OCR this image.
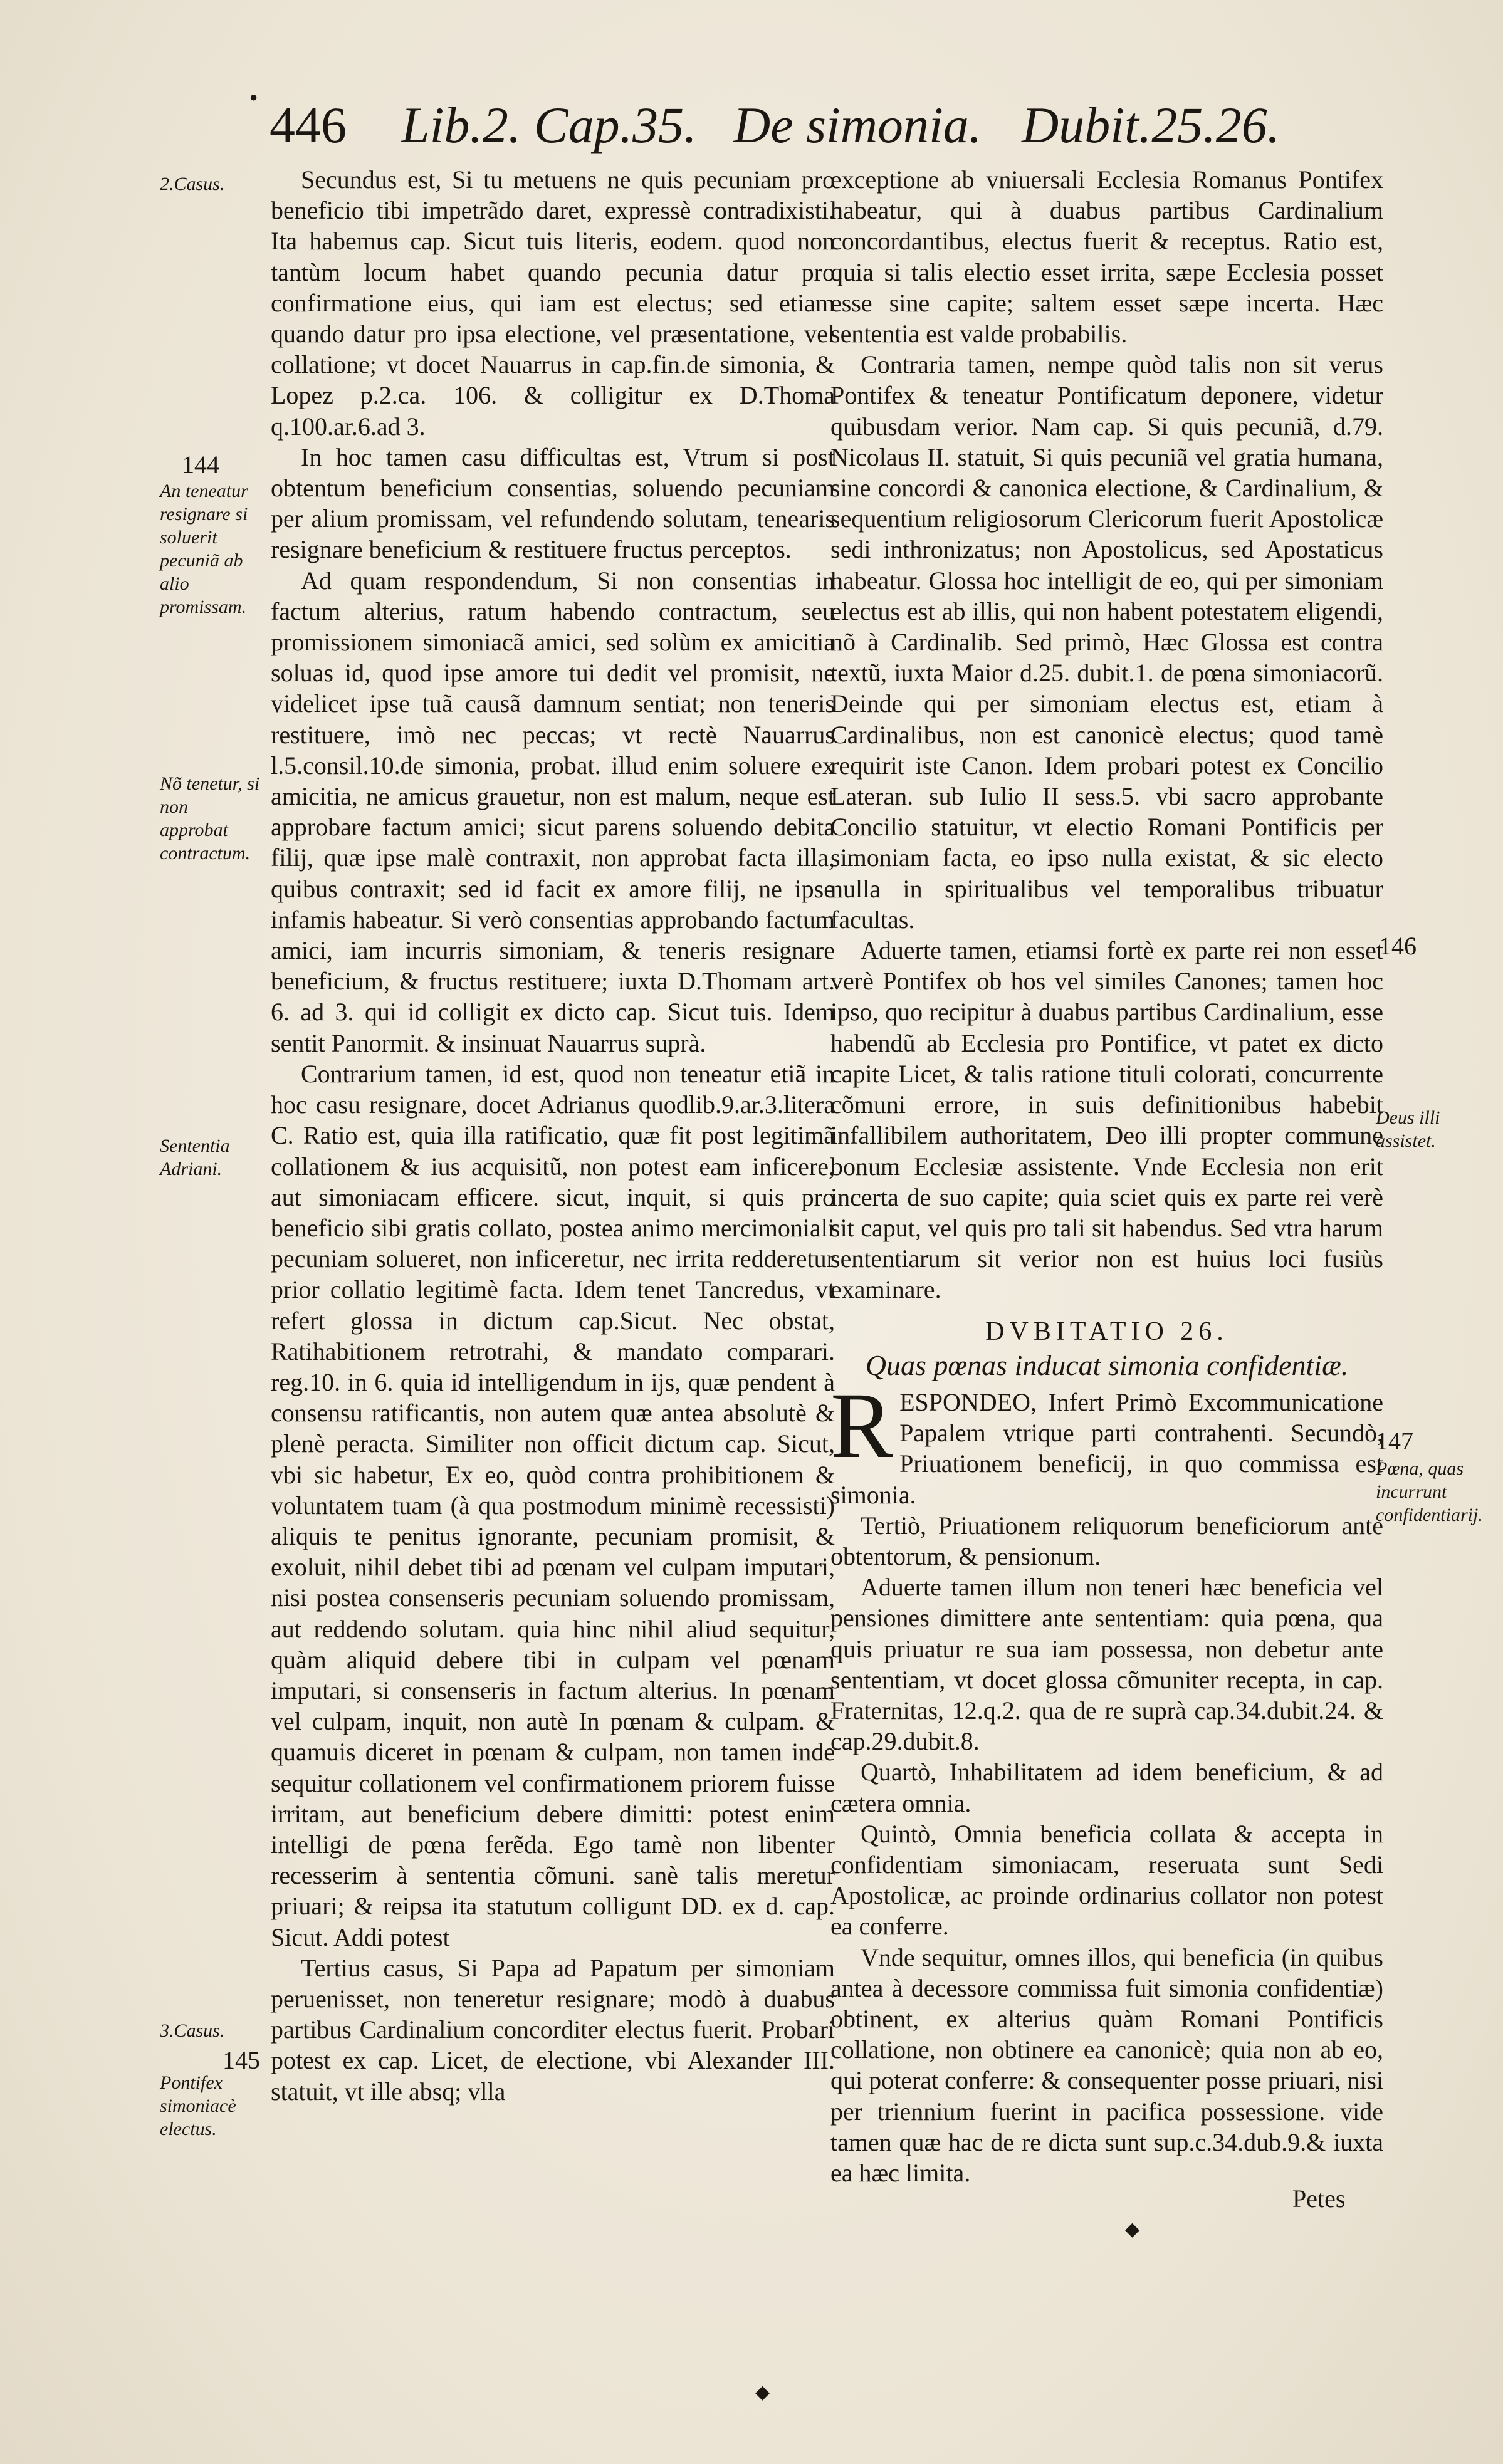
446 Lib.2. Cap.35. De simonia. Dubit.25.26.
2.Casus.
144
An teneatur resignare si soluerit pecuniã ab alio promissam.
Nõ tenetur, si non approbat contractum.
Sententia Adriani.
3.Casus.
145
Pontifex simoniacè electus.
146
Deus illi assistet.
147
Pœna, quas incurrunt confidentiarij.

Secundus est, Si tu metuens ne quis pecuniam pro beneficio tibi impetrãdo daret, expressè contradixisti. Ita habemus cap. Sicut tuis literis, eodem. quod non tantùm locum habet quando pecunia datur pro confirmatione eius, qui iam est electus; sed etiam quando datur pro ipsa electione, vel præsentatione, vel collatione; vt docet Nauarrus in cap.fin.de simonia, & Lopez p.2.ca. 106. & colligitur ex D.Thoma q.100.ar.6.ad 3.

In hoc tamen casu difficultas est, Vtrum si post obtentum beneficium consentias, soluendo pecuniam per alium promissam, vel refundendo solutam, tenearis resignare beneficium & restituere fructus perceptos.

Ad quam respondendum, Si non consentias in factum alterius, ratum habendo contractum, seu promissionem simoniacã amici, sed solùm ex amicitia soluas id, quod ipse amore tui dedit vel promisit, ne videlicet ipse tuã causã damnum sentiat; non teneris restituere, imò nec peccas; vt rectè Nauarrus l.5.consil.10.de simonia, probat. illud enim soluere ex amicitia, ne amicus grauetur, non est malum, neque est approbare factum amici; sicut parens soluendo debita filij, quæ ipse malè contraxit, non approbat facta illa, quibus contraxit; sed id facit ex amore filij, ne ipse infamis habeatur. Si verò consentias approbando factum amici, iam incurris simoniam, & teneris resignare beneficium, & fructus restituere; iuxta D.Thomam art. 6. ad 3. qui id colligit ex dicto cap. Sicut tuis. Idem sentit Panormit. & insinuat Nauarrus suprà.

Contrarium tamen, id est, quod non teneatur etiã in hoc casu resignare, docet Adrianus quodlib.9.ar.3.litera C. Ratio est, quia illa ratificatio, quæ fit post legitimã collationem & ius acquisitũ, non potest eam inficere, aut simoniacam efficere. sicut, inquit, si quis pro beneficio sibi gratis collato, postea animo mercimoniali pecuniam solueret, non inficeretur, nec irrita redderetur prior collatio legitimè facta. Idem tenet Tancredus, vt refert glossa in dictum cap.Sicut. Nec obstat, Ratihabitionem retrotrahi, & mandato comparari. reg.10. in 6. quia id intelligendum in ijs, quæ pendent à consensu ratificantis, non autem quæ antea absolutè & plenè peracta. Similiter non officit dictum cap. Sicut, vbi sic habetur, Ex eo, quòd contra prohibitionem & voluntatem tuam (à qua postmodum minimè recessisti) aliquis te penitus ignorante, pecuniam promisit, & exoluit, nihil debet tibi ad pœnam vel culpam imputari, nisi postea consenseris pecuniam soluendo promissam, aut reddendo solutam. quia hinc nihil aliud sequitur, quàm aliquid debere tibi in culpam vel pœnam imputari, si consenseris in factum alterius. In pœnam vel culpam, inquit, non autè In pœnam & culpam. & quamuis diceret in pœnam & culpam, non tamen inde sequitur collationem vel confirmationem priorem fuisse irritam, aut beneficium debere dimitti: potest enim intelligi de pœna ferẽda. Ego tamè non libenter recesserim à sententia cõmuni. sanè talis meretur priuari; & reipsa ita statutum colligunt DD. ex d. cap. Sicut. Addi potest

Tertius casus, Si Papa ad Papatum per simoniam peruenisset, non teneretur resignare; modò à duabus partibus Cardinalium concorditer electus fuerit. Probari potest ex cap. Licet, de electione, vbi Alexander III. statuit, vt ille absq; vlla

exceptione ab vniuersali Ecclesia Romanus Pontifex habeatur, qui à duabus partibus Cardinalium concordantibus, electus fuerit & receptus. Ratio est, quia si talis electio esset irrita, sæpe Ecclesia posset esse sine capite; saltem esset sæpe incerta. Hæc sententia est valde probabilis.

Contraria tamen, nempe quòd talis non sit verus Pontifex & teneatur Pontificatum deponere, videtur quibusdam verior. Nam cap. Si quis pecuniã, d.79. Nicolaus II. statuit, Si quis pecuniã vel gratia humana, sine concordi & canonica electione, & Cardinalium, & sequentium religiosorum Clericorum fuerit Apostolicæ sedi inthronizatus; non Apostolicus, sed Apostaticus habeatur. Glossa hoc intelligit de eo, qui per simoniam electus est ab illis, qui non habent potestatem eligendi, nõ à Cardinalib. Sed primò, Hæc Glossa est contra textũ, iuxta Maior d.25. dubit.1. de pœna simoniacorũ. Deinde qui per simoniam electus est, etiam à Cardinalibus, non est canonicè electus; quod tamè requirit iste Canon. Idem probari potest ex Concilio Lateran. sub Iulio II sess.5. vbi sacro approbante Concilio statuitur, vt electio Romani Pontificis per simoniam facta, eo ipso nulla existat, & sic electo nulla in spiritualibus vel temporalibus tribuatur facultas.

Aduerte tamen, etiamsi fortè ex parte rei non esset verè Pontifex ob hos vel similes Canones; tamen hoc ipso, quo recipitur à duabus partibus Cardinalium, esse habendũ ab Ecclesia pro Pontifice, vt patet ex dicto capite Licet, & talis ratione tituli colorati, concurrente cõmuni errore, in suis definitionibus habebit infallibilem authoritatem, Deo illi propter commune bonum Ecclesiæ assistente. Vnde Ecclesia non erit incerta de suo capite; quia sciet quis ex parte rei verè sit caput, vel quis pro tali sit habendus. Sed vtra harum sententiarum sit verior non est huius loci fusiùs examinare.

DVBITATIO 26.
Quas pœnas inducat simonia confidentiæ.

RESPONDEO, Infert Primò Excommunicatione Papalem vtrique parti contrahenti. Secundò, Priuationem beneficij, in quo commissa est simonia.

Tertiò, Priuationem reliquorum beneficiorum ante obtentorum, & pensionum.

Aduerte tamen illum non teneri hæc beneficia vel pensiones dimittere ante sententiam: quia pœna, qua quis priuatur re sua iam possessa, non debetur ante sententiam, vt docet glossa cõmuniter recepta, in cap. Fraternitas, 12.q.2. qua de re suprà cap.34.dubit.24. & cap.29.dubit.8.

Quartò, Inhabilitatem ad idem beneficium, & ad cætera omnia.

Quintò, Omnia beneficia collata & accepta in confidentiam simoniacam, reseruata sunt Sedi Apostolicæ, ac proinde ordinarius collator non potest ea conferre.

Vnde sequitur, omnes illos, qui beneficia (in quibus antea à decessore commissa fuit simonia confidentiæ) obtinent, ex alterius quàm Romani Pontificis collatione, non obtinere ea canonicè; quia non ab eo, qui poterat conferre: & consequenter posse priuari, nisi per triennium fuerint in pacifica possessione. vide tamen quæ hac de re dicta sunt sup.c.34.dub.9.& iuxta ea hæc limita.

Petes
◆
◆
●
